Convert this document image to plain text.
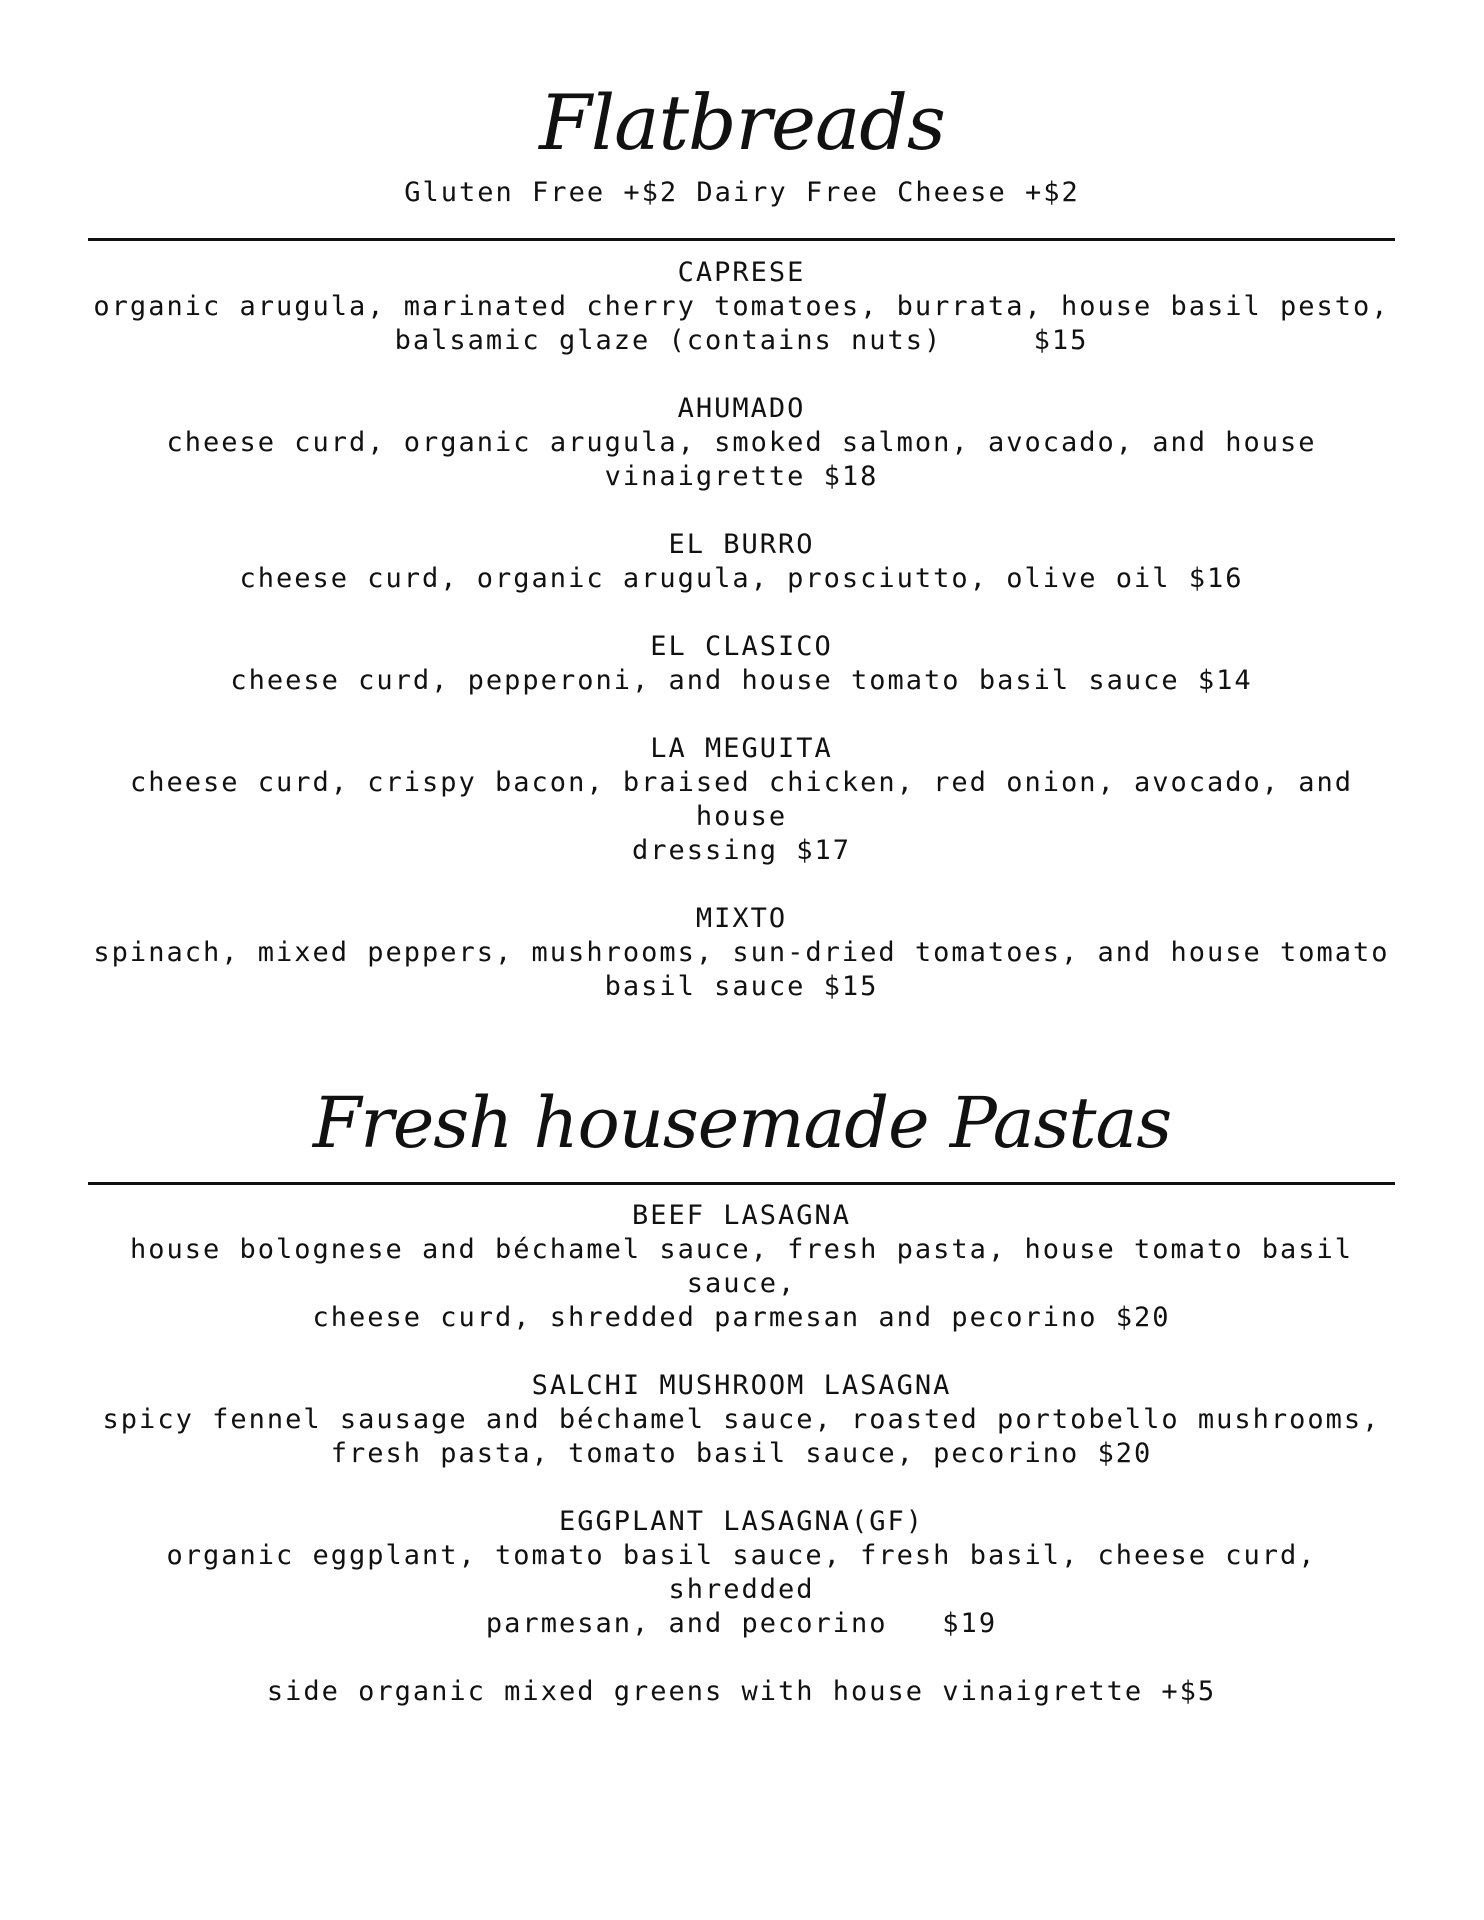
Flatbreads
Gluten Free +$2 Dairy Free Cheese +$2
CAPRESE
organic arugula, marinated cherry tomatoes, burrata, house basil pesto,
balsamic glaze (contains nuts)     $15
AHUMADO
cheese curd, organic arugula, smoked salmon, avocado, and house
vinaigrette $18
EL BURRO
cheese curd, organic arugula, prosciutto, olive oil $16
EL CLASICO
cheese curd, pepperoni, and house tomato basil sauce $14
LA MEGUITA
cheese curd, crispy bacon, braised chicken, red onion, avocado, and house
dressing $17
MIXTO
spinach, mixed peppers, mushrooms, sun-dried tomatoes, and house tomato
basil sauce $15
Fresh housemade Pastas
BEEF LASAGNA
house bolognese and béchamel sauce, fresh pasta, house tomato basil sauce,
cheese curd, shredded parmesan and pecorino $20
SALCHI MUSHROOM LASAGNA
spicy fennel sausage and béchamel sauce, roasted portobello mushrooms,
fresh pasta, tomato basil sauce, pecorino $20
EGGPLANT LASAGNA(GF)
organic eggplant, tomato basil sauce, fresh basil, cheese curd, shredded
parmesan, and pecorino   $19
side organic mixed greens with house vinaigrette +$5
